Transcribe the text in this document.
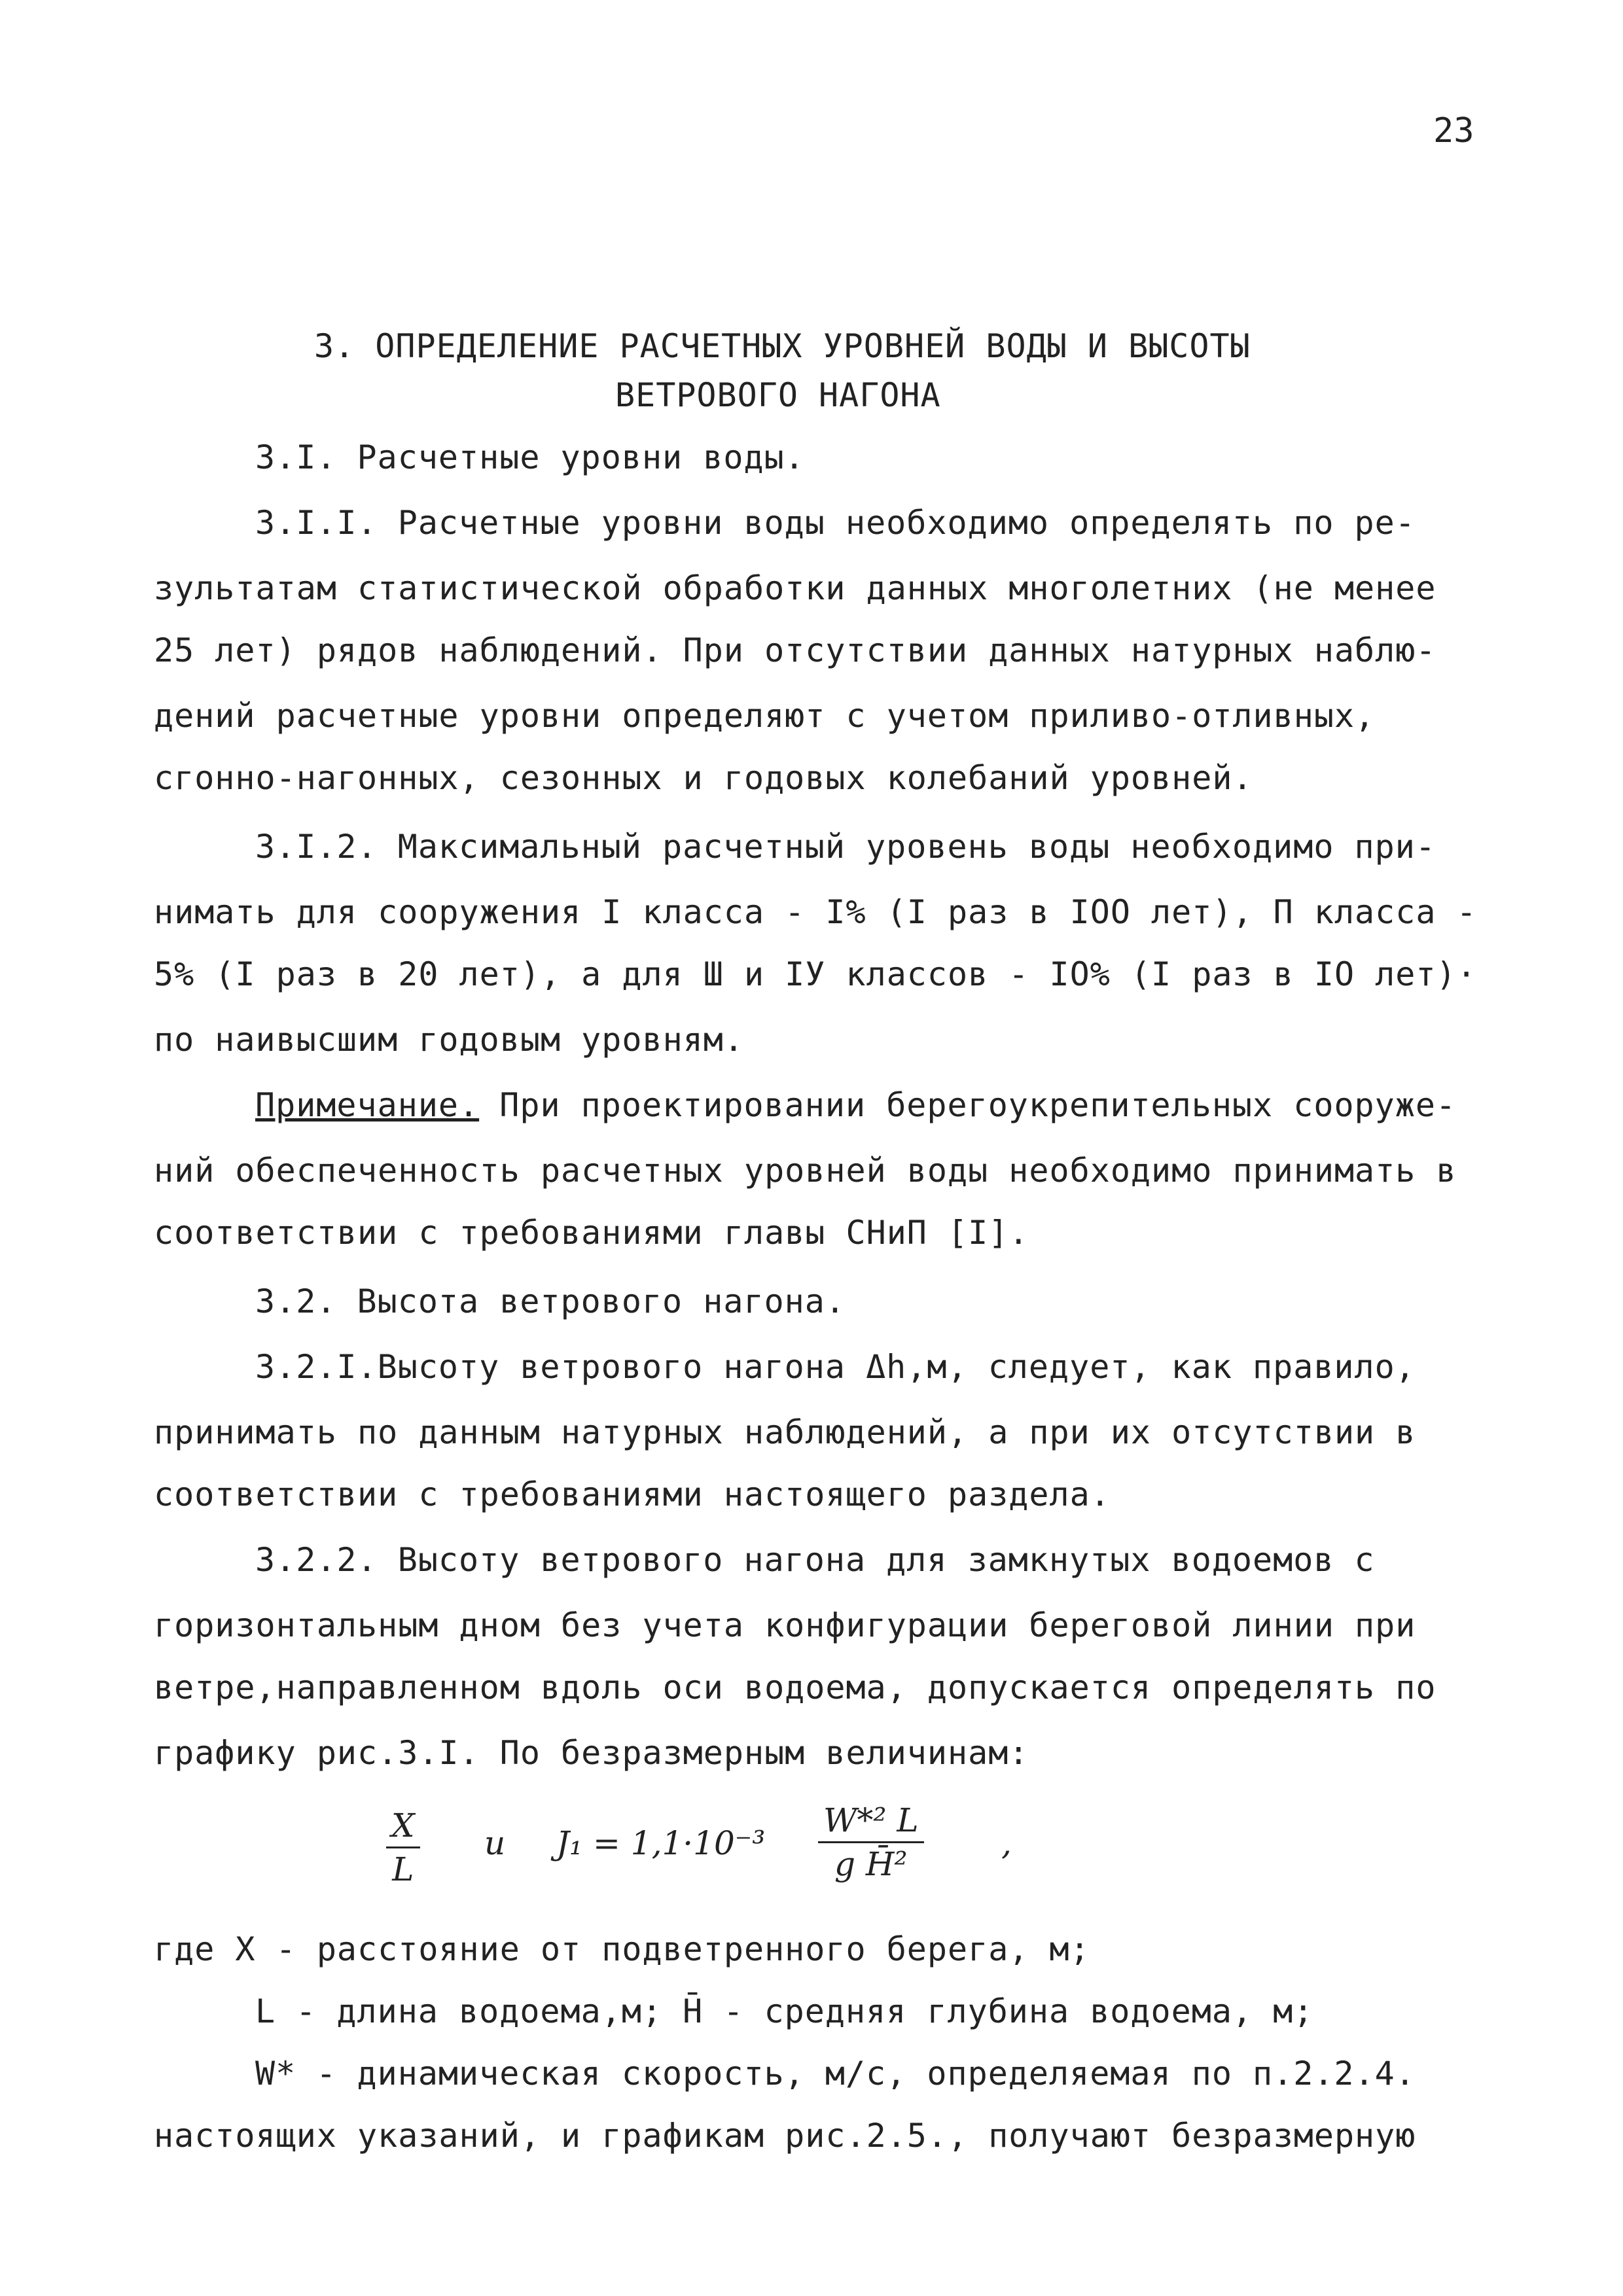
23
3. ОПРЕДЕЛЕНИЕ РАСЧЕТНЫХ УРОВНЕЙ ВОДЫ И ВЫСОТЫ
ВЕТРОВОГО НАГОНА
3.I. Расчетные уровни воды.
3.I.I. Расчетные уровни воды необходимо определять по ре-
зультатам статистической обработки данных многолетних (не менее
25 лет) рядов наблюдений. При отсутствии данных натурных наблю-
дений расчетные уровни определяют с учетом приливо-отливных,
сгонно-нагонных, сезонных и годовых колебаний уровней.
3.I.2. Максимальный расчетный уровень воды необходимо при-
нимать для сооружения I класса - I% (I раз в IOO лет), П класса -
5% (I раз в 20 лет), а для Ш и IУ классов - IO% (I раз в IO лет)·
по наивысшим годовым уровням.
Примечание. При проектировании берегоукрепительных сооруже-
ний обеспеченность расчетных уровней воды необходимо принимать в
соответствии с требованиями главы СНиП [I].
3.2. Высота ветрового нагона.
3.2.I.Высоту ветрового нагона Δh,м, следует, как правило,
принимать по данным натурных наблюдений, а при их отсутствии в
соответствии с требованиями настоящего раздела.
3.2.2. Высоту ветрового нагона для замкнутых водоемов с
горизонтальным дном без учета конфигурации береговой линии при
ветре,направленном вдоль оси водоема, допускается определять по
графику рис.3.I. По безразмерным величинам:
$\frac{X}{L}$ и $J_1 = 1,1\cdot 10^{-3} \frac{\text{W*² L}}{\text{g H̄²}}$ ,
где X - расстояние от подветренного берега, м;
L - длина водоема,м; H̄ - средняя глубина водоема, м;
W* - динамическая скорость, м/с, определяемая по п.2.2.4.
настоящих указаний, и графикам рис.2.5., получают безразмерную
